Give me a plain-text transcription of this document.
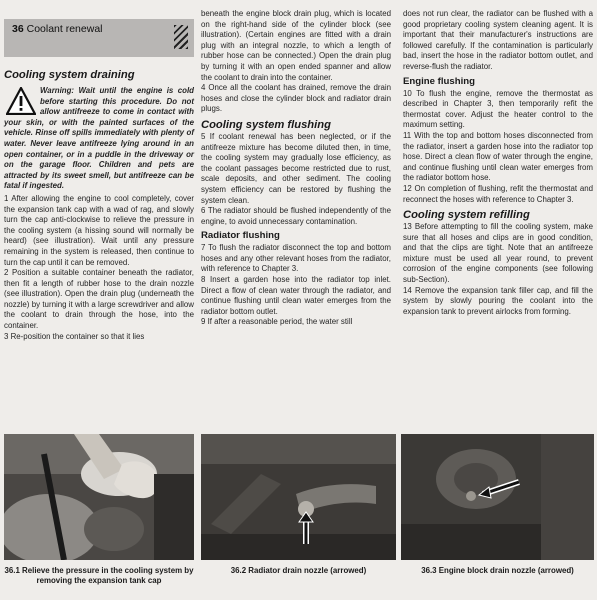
36 Coolant renewal
Cooling system draining

Warning: Wait until the engine is cold before starting this procedure. Do not allow antifreeze to come in contact with your skin, or with the painted surfaces of the vehicle. Rinse off spills immediately with plenty of water. Never leave antifreeze lying around in an open container, or in a puddle in the driveway or on the garage floor. Children and pets are attracted by its sweet smell, but antifreeze can be fatal if ingested.

1 After allowing the engine to cool completely, cover the expansion tank cap with a wad of rag, and slowly turn the cap anti-clockwise to relieve the pressure in the cooling system (a hissing sound will normally be heard) (see illustration). Wait until any pressure remaining in the system is released, then continue to turn the cap until it can be removed.

2 Position a suitable container beneath the radiator, then fit a length of rubber hose to the drain nozzle (see illustration). Open the drain plug (underneath the nozzle) by turning it with a large screwdriver and allow the coolant to drain through the hose, into the container.

3 Re-position the container so that it lies

beneath the engine block drain plug, which is located on the right-hand side of the cylinder block (see illustration). (Certain engines are fitted with a drain plug with an integral nozzle, to which a length of rubber hose can be connected.) Open the drain plug by turning it with an open ended spanner and allow the coolant to drain into the container.

4 Once all the coolant has drained, remove the drain hoses and close the cylinder block and radiator drain plugs.

Cooling system flushing

5 If coolant renewal has been neglected, or if the antifreeze mixture has become diluted then, in time, the cooling system may gradually lose efficiency, as the coolant passages become restricted due to rust, scale deposits, and other sediment. The cooling system efficiency can be restored by flushing the system clean.

6 The radiator should be flushed independently of the engine, to avoid unnecessary contamination.

Radiator flushing

7 To flush the radiator disconnect the top and bottom hoses and any other relevant hoses from the radiator, with reference to Chapter 3.

8 Insert a garden hose into the radiator top inlet. Direct a flow of clean water through the radiator, and continue flushing until clean water emerges from the radiator bottom outlet.

9 If after a reasonable period, the water still

does not run clear, the radiator can be flushed with a good proprietary cooling system cleaning agent. It is important that their manufacturer's instructions are followed carefully. If the contamination is particularly bad, insert the hose in the radiator bottom outlet, and reverse-flush the radiator.

Engine flushing

10 To flush the engine, remove the thermostat as described in Chapter 3, then temporarily refit the thermostat cover. Adjust the heater control to the maximum setting.

11 With the top and bottom hoses disconnected from the radiator, insert a garden hose into the radiator top hose. Direct a clean flow of water through the engine, and continue flushing until clean water emerges from the radiator bottom hose.

12 On completion of flushing, refit the thermostat and reconnect the hoses with reference to Chapter 3.

Cooling system refilling

13 Before attempting to fill the cooling system, make sure that all hoses and clips are in good condition, and that the clips are tight. Note that an antifreeze mixture must be used all year round, to prevent corrosion of the engine components (see following sub-Section).

14 Remove the expansion tank filler cap, and fill the system by slowly pouring the coolant into the expansion tank to prevent airlocks from forming.

36.1 Relieve the pressure in the cooling system by removing the expansion tank cap
36.2 Radiator drain nozzle (arrowed)	36.3 Engine block drain nozzle (arrowed)
